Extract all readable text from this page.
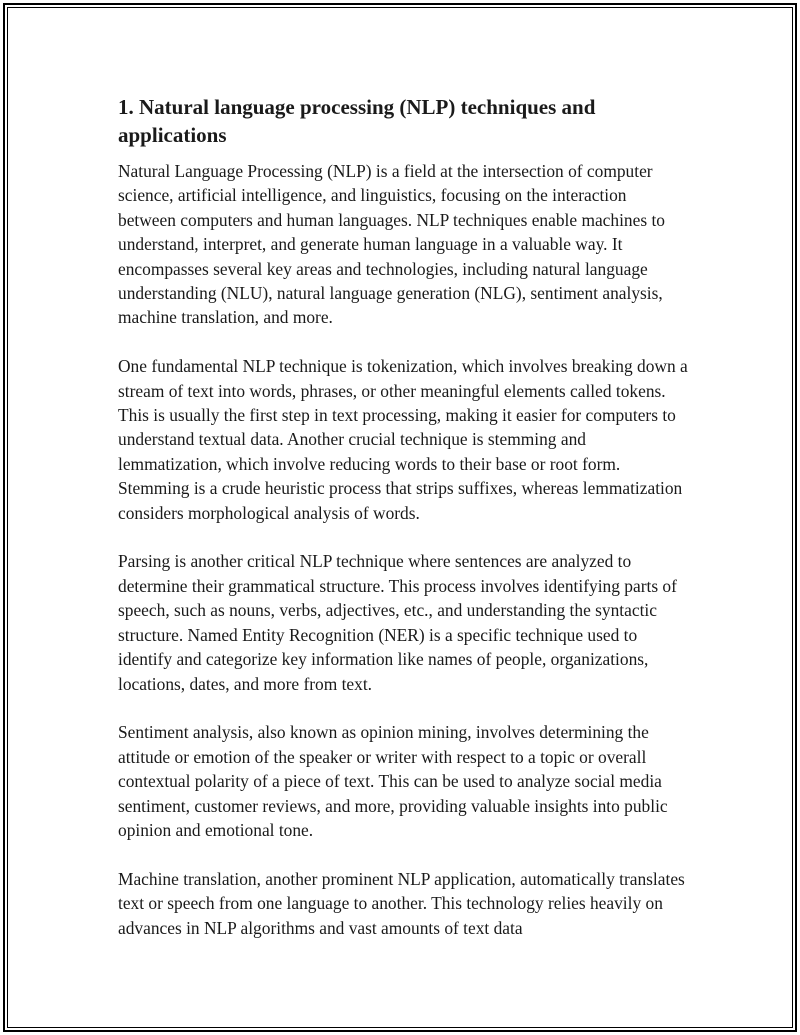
1. Natural language processing (NLP) techniques and applications

Natural Language Processing (NLP) is a field at the intersection of computer science, artificial intelligence, and linguistics, focusing on the interaction between computers and human languages. NLP techniques enable machines to understand, interpret, and generate human language in a valuable way. It encompasses several key areas and technologies, including natural language understanding (NLU), natural language generation (NLG), sentiment analysis, machine translation, and more.

One fundamental NLP technique is tokenization, which involves breaking down a stream of text into words, phrases, or other meaningful elements called tokens. This is usually the first step in text processing, making it easier for computers to understand textual data. Another crucial technique is stemming and lemmatization, which involve reducing words to their base or root form. Stemming is a crude heuristic process that strips suffixes, whereas lemmatization considers morphological analysis of words.

Parsing is another critical NLP technique where sentences are analyzed to determine their grammatical structure. This process involves identifying parts of speech, such as nouns, verbs, adjectives, etc., and understanding the syntactic structure. Named Entity Recognition (NER) is a specific technique used to identify and categorize key information like names of people, organizations, locations, dates, and more from text.

Sentiment analysis, also known as opinion mining, involves determining the attitude or emotion of the speaker or writer with respect to a topic or overall contextual polarity of a piece of text. This can be used to analyze social media sentiment, customer reviews, and more, providing valuable insights into public opinion and emotional tone.

Machine translation, another prominent NLP application, automatically translates text or speech from one language to another. This technology relies heavily on advances in NLP algorithms and vast amounts of text data
